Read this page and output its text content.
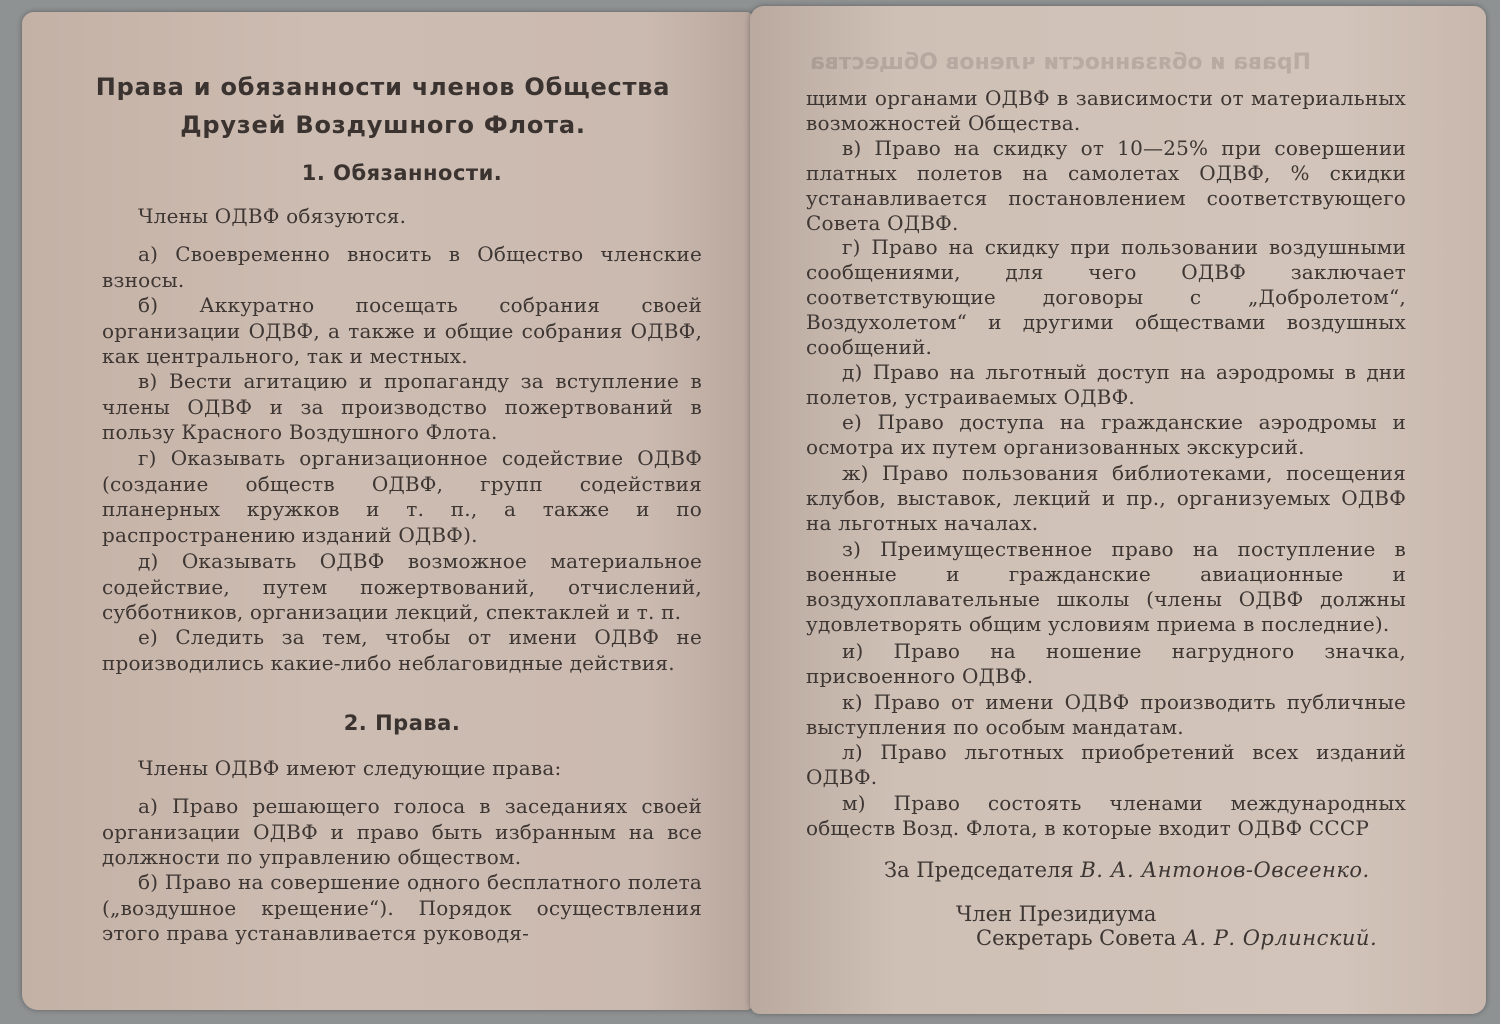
Права и обязанности членов Общества Друзей Воздушного Флота.
1. Обязанности.

Члены ОДВФ обязуются.

а) Своевременно вносить в Общество членские взносы.

б) Аккуратно посещать собрания своей организации ОДВФ, а также и общие собрания ОДВФ, как центрального, так и местных.

в) Вести агитацию и пропаганду за вступление в члены ОДВФ и за производство пожертвований в пользу Красного Воздушного Флота.

г) Оказывать организационное содействие ОДВФ (создание обществ ОДВФ, групп содействия планерных кружков и т. п., а также и по распространению изданий ОДВФ).

д) Оказывать ОДВФ возможное материальное содействие, путем пожертвований, отчислений, субботников, организации лекций, спектаклей и т. п.

е) Следить за тем, чтобы от имени ОДВФ не производились какие-либо неблаговидные действия.

2. Права.

Члены ОДВФ имеют следующие права:

а) Право решающего голоса в заседаниях своей организации ОДВФ и право быть избранным на все должности по управлению обществом.

б) Право на совершение одного бесплатного полета („воздушное крещение“). Порядок осуществления этого права устанавливается руководя-

Права и обязанности членов Общества

щими органами ОДВФ в зависимости от материальных возможностей Общества.

в) Право на скидку от 10—25% при совершении платных полетов на самолетах ОДВФ, % скидки устанавливается постановлением соответствующего Совета ОДВФ.

г) Право на скидку при пользовании воздушными сообщениями, для чего ОДВФ заключает соответствующие договоры с „Добролетом“, Воздухолетом“ и другими обществами воздушных сообщений.

д) Право на льготный доступ на аэродромы в дни полетов, устраиваемых ОДВФ.

е) Право доступа на гражданские аэродромы и осмотра их путем организованных экскурсий.

ж) Право пользования библиотеками, посещения клубов, выставок, лекций и пр., организуемых ОДВФ на льготных началах.

з) Преимущественное право на поступление в военные и гражданские авиационные и воздухоплавательные школы (члены ОДВФ должны удовлетворять общим условиям приема в последние).

и) Право на ношение нагрудного значка, присвоенного ОДВФ.

к) Право от имени ОДВФ производить публичные выступления по особым мандатам.

л) Право льготных приобретений всех изданий ОДВФ.

м) Право состоять членами международных обществ Возд. Флота, в которые входит ОДВФ СССР

За Председателя В. А. Антонов-Овсеенко.

Член Президиума

Секретарь Совета А. Р. Орлинский.
